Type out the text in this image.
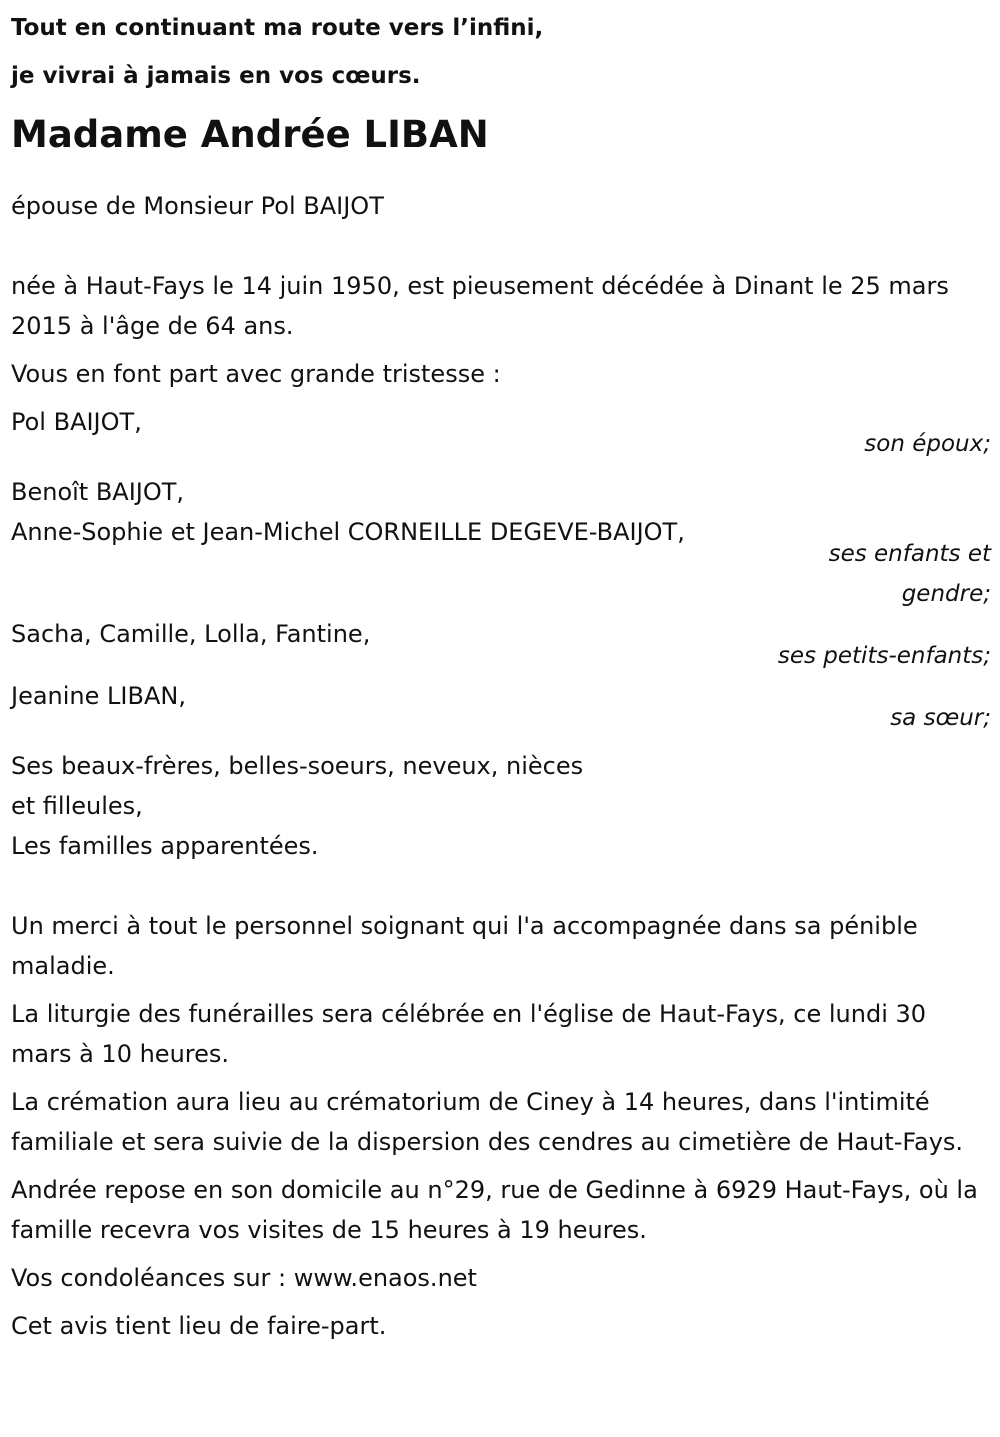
Tout en continuant ma route vers l’infini,
je vivrai à jamais en vos cœurs.
Madame Andrée LIBAN
épouse de Monsieur Pol BAIJOT
née à Haut-Fays le 14 juin 1950, est pieusement décédée à Dinant le 25 mars 2015 à l'âge de 64 ans.
Vous en font part avec grande tristesse :
Pol BAIJOT,
son époux;
Benoît BAIJOT,
Anne-Sophie et Jean-Michel CORNEILLE DEGEVE-BAIJOT,
ses enfants et gendre;
Sacha, Camille, Lolla, Fantine,
ses petits-enfants;
Jeanine LIBAN,
sa sœur;
Ses beaux-frères, belles-soeurs, neveux, nièces
et filleules,
Les familles apparentées.
Un merci à tout le personnel soignant qui l'a accompagnée dans sa pénible maladie.
La liturgie des funérailles sera célébrée en l'église de Haut-Fays, ce lundi 30 mars à 10 heures.
La crémation aura lieu au crématorium de Ciney à 14 heures, dans l'intimité familiale et sera suivie de la dispersion des cendres au cimetière de Haut-Fays.
Andrée repose en son domicile au n°29, rue de Gedinne à 6929 Haut-Fays, où la famille recevra vos visites de 15 heures à 19 heures.
Vos condoléances sur : www.enaos.net
Cet avis tient lieu de faire-part.
